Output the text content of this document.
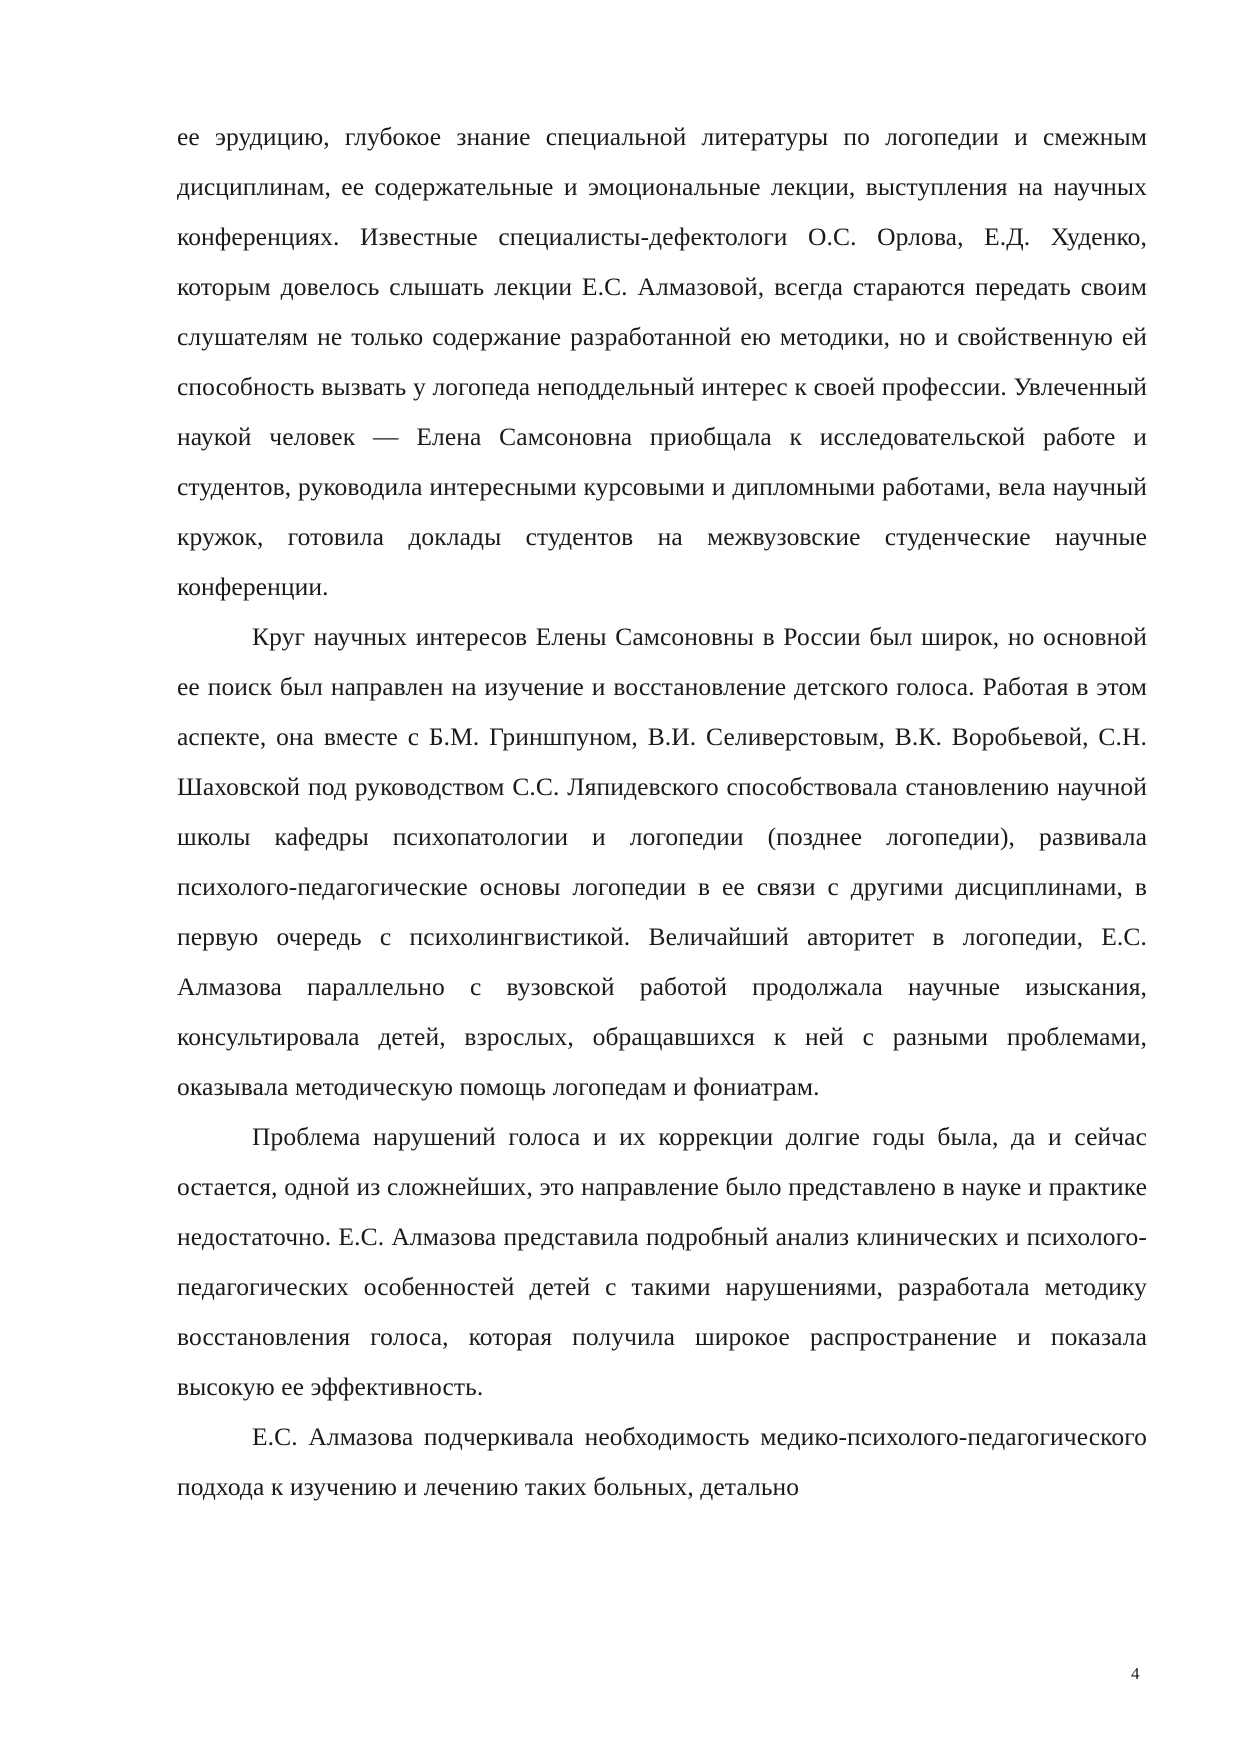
ее эрудицию, глубокое знание специальной литературы по логопедии и смежным дисциплинам, ее содержательные и эмоциональные лекции, выступления на научных конференциях. Известные специалисты-дефектологи О.С. Орлова, Е.Д. Худенко, которым довелось слышать лекции Е.С. Алмазовой, всегда стараются передать своим слушателям не только содержание разработанной ею методики, но и свойственную ей способность вызвать у логопеда неподдельный интерес к своей профессии. Увлеченный наукой человек — Елена Самсоновна приобщала к исследовательской работе и студентов, руководила интересными курсовыми и дипломными работами, вела научный кружок, готовила доклады студентов на межвузовские студенческие научные конференции.

Круг научных интересов Елены Самсоновны в России был широк, но основной ее поиск был направлен на изучение и восстановление детского голоса. Работая в этом аспекте, она вместе с Б.М. Гриншпуном, В.И. Селиверстовым, В.К. Воробьевой, С.Н. Шаховской под руководством С.С. Ляпидевского способствовала становлению научной школы кафедры психопатологии и логопедии (позднее логопедии), развивала психолого-педагогические основы логопедии в ее связи с другими дисциплинами, в первую очередь с психолингвистикой. Величайший авторитет в логопедии, Е.С. Алмазова параллельно с вузовской работой продолжала научные изыскания, консультировала детей, взрослых, обращавшихся к ней с разными проблемами, оказывала методическую помощь логопедам и фониатрам.

Проблема нарушений голоса и их коррекции долгие годы была, да и сейчас остается, одной из сложнейших, это направление было представлено в науке и практике недостаточно. Е.С. Алмазова представила подробный анализ клинических и психолого-педагогических особенностей детей с такими нарушениями, разработала методику восстановления голоса, которая получила широкое распространение и показала высокую ее эффективность.

Е.С. Алмазова подчеркивала необходимость медико-психолого-педагогического подхода к изучению и лечению таких больных, детально

4
